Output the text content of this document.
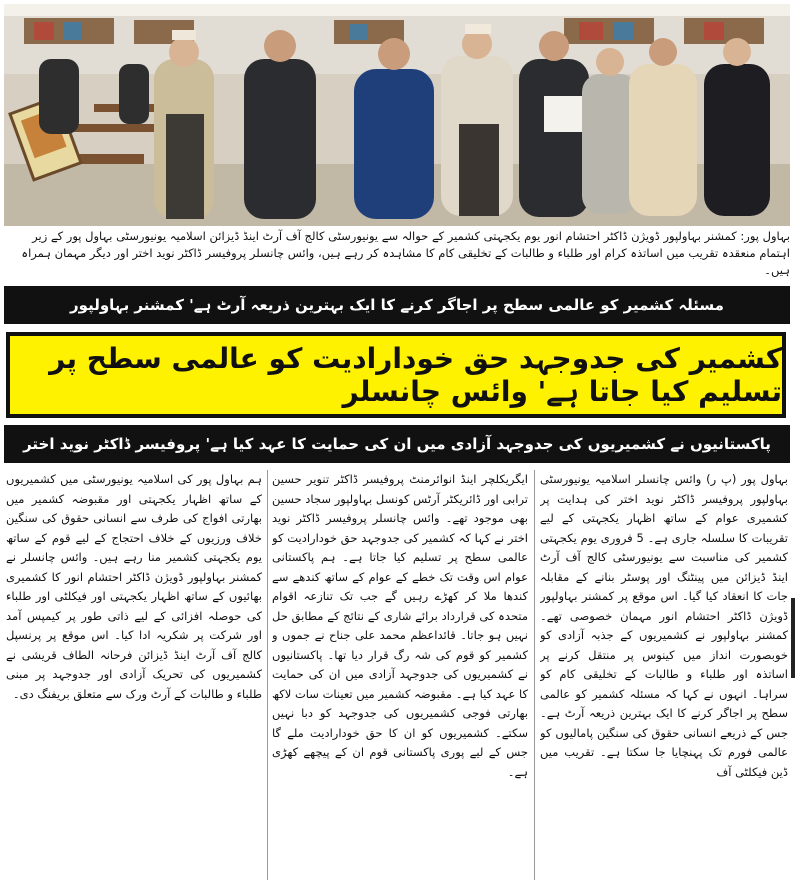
بہاول پور: کمشنر بہاولپور ڈویژن ڈاکٹر احتشام انور یوم یکجہتی کشمیر کے حوالہ سے یونیورسٹی کالج آف آرٹ اینڈ ڈیزائن اسلامیہ یونیورسٹی بہاول پور کے زیر اہتمام منعقدہ تقریب میں اساتذہ کرام اور طلباء و طالبات کے تخلیقی کام کا مشاہدہ کر رہے ہیں، وائس چانسلر پروفیسر ڈاکٹر نوید اختر اور دیگر مہمان ہمراہ ہیں۔
مسئلہ کشمیر کو عالمی سطح پر اجاگر کرنے کا ایک بہترین ذریعہ آرٹ ہے' کمشنر بہاولپور
کشمیر کی جدوجہد حق خودارادیت کو عالمی سطح پر تسلیم کیا جاتا ہے' وائس چانسلر
پاکستانیوں نے کشمیریوں کی جدوجہد آزادی میں ان کی حمایت کا عہد کیا ہے' پروفیسر ڈاکٹر نوید اختر
بہاول پور (پ ر) وائس چانسلر اسلامیہ یونیورسٹی بہاولپور پروفیسر ڈاکٹر نوید اختر کی ہدایت پر کشمیری عوام کے ساتھ اظہار یکجہتی کے لیے تقریبات کا سلسلہ جاری ہے۔ 5 فروری یوم یکجہتی کشمیر کی مناسبت سے یونیورسٹی کالج آف آرٹ اینڈ ڈیزائن میں پینٹنگ اور پوسٹر بنانے کے مقابلہ جات کا انعقاد کیا گیا۔ اس موقع پر کمشنر بہاولپور ڈویژن ڈاکٹر احتشام انور مہمان خصوصی تھے۔ کمشنر بہاولپور نے کشمیریوں کے جذبہ آزادی کو خوبصورت انداز میں کینوس پر منتقل کرنے پر اساتذہ اور طلباء و طالبات کے تخلیقی کام کو سراہا۔ انہوں نے کہا کہ مسئلہ کشمیر کو عالمی سطح پر اجاگر کرنے کا ایک بہترین ذریعہ آرٹ ہے۔ جس کے ذریعے انسانی حقوق کی سنگین پامالیوں کو عالمی فورم تک پہنچایا جا سکتا ہے۔ تقریب میں ڈین فیکلٹی آف
ایگریکلچر اینڈ انوائرمنٹ پروفیسر ڈاکٹر تنویر حسین ترابی اور ڈائریکٹر آرٹس کونسل بہاولپور سجاد حسین بھی موجود تھے۔ وائس چانسلر پروفیسر ڈاکٹر نوید اختر نے کہا کہ کشمیر کی جدوجہد حق خودارادیت کو عالمی سطح پر تسلیم کیا جاتا ہے۔ ہم پاکستانی عوام اس وقت تک خطے کے عوام کے ساتھ کندھے سے کندھا ملا کر کھڑے رہیں گے جب تک تنازعہ اقوام متحدہ کی قرارداد برائے شاری کے نتائج کے مطابق حل نہیں ہو جاتا۔ قائداعظم محمد علی جناح نے جموں و کشمیر کو قوم کی شہ رگ قرار دیا تھا۔ پاکستانیوں نے کشمیریوں کی جدوجہد آزادی میں ان کی حمایت کا عہد کیا ہے۔ مقبوضہ کشمیر میں تعینات سات لاکھ بھارتی فوجی کشمیریوں کی جدوجہد کو دبا نہیں سکتے۔ کشمیریوں کو ان کا حق خودارادیت ملے گا جس کے لیے پوری پاکستانی قوم ان کے پیچھے کھڑی ہے۔
ہم بہاول پور کی اسلامیہ یونیورسٹی میں کشمیریوں کے ساتھ اظہار یکجہتی اور مقبوضہ کشمیر میں بھارتی افواج کی طرف سے انسانی حقوق کی سنگین خلاف ورزیوں کے خلاف احتجاج کے لیے قوم کے ساتھ یوم یکجہتی کشمیر منا رہے ہیں۔ وائس چانسلر نے کمشنر بہاولپور ڈویژن ڈاکٹر احتشام انور کا کشمیری بھائیوں کے ساتھ اظہار یکجہتی اور فیکلٹی اور طلباء کی حوصلہ افزائی کے لیے ذاتی طور پر کیمپس آمد اور شرکت پر شکریہ ادا کیا۔ اس موقع پر پرنسپل کالج آف آرٹ اینڈ ڈیزائن فرحانہ الطاف قریشی نے کشمیریوں کی تحریک آزادی اور جدوجہد پر مبنی طلباء و طالبات کے آرٹ ورک سے متعلق بریفنگ دی۔
